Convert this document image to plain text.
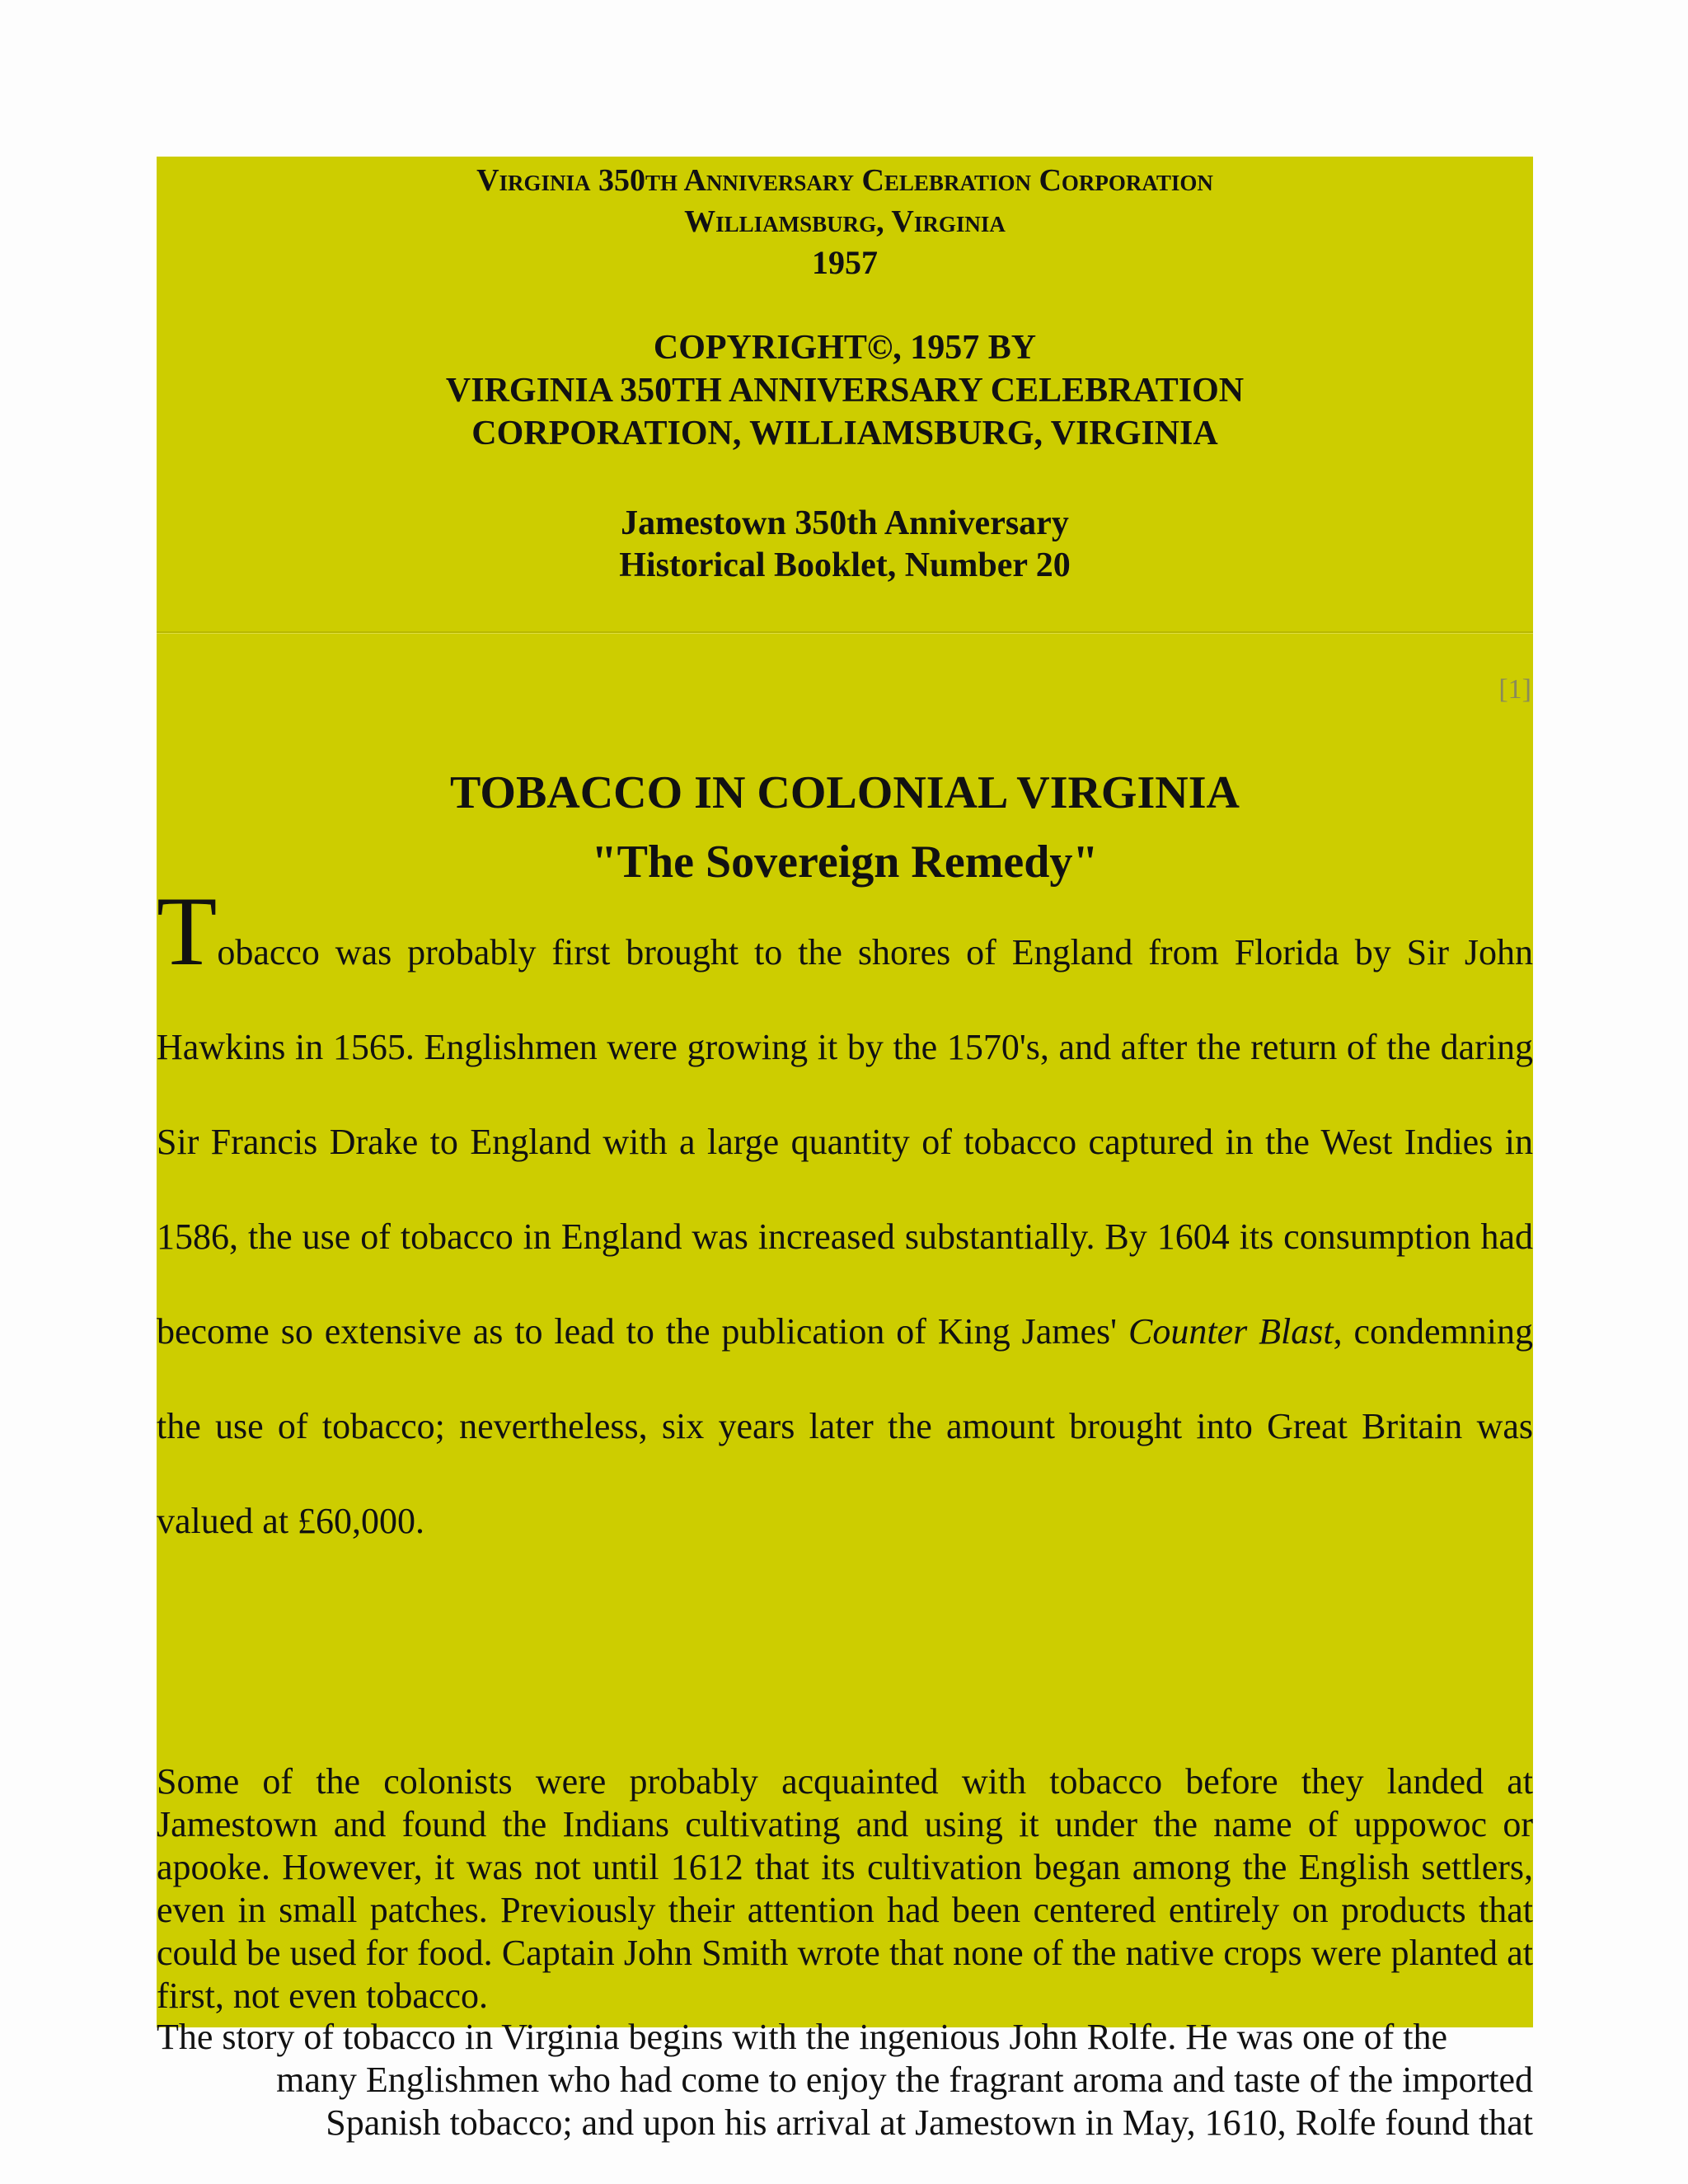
Virginia 350th Anniversary Celebration Corporation

Williamsburg, Virginia

1957

COPYRIGHT©, 1957 BY
VIRGINIA 350TH ANNIVERSARY CELEBRATION
CORPORATION, WILLIAMSBURG, VIRGINIA
Jamestown 350th Anniversary
Historical Booklet, Number 20
[1]
TOBACCO IN COLONIAL VIRGINIA
"The Sovereign Remedy"

Tobacco was probably first brought to the shores of England from Florida by Sir John Hawkins in 1565. Englishmen were growing it by the 1570's, and after the return of the daring Sir Francis Drake to England with a large quantity of tobacco captured in the West Indies in 1586, the use of tobacco in England was increased substantially. By 1604 its consumption had become so extensive as to lead to the publication of King James' Counter Blast, condemning the use of tobacco; nevertheless, six years later the amount brought into Great Britain was valued at £60,000.

Some of the colonists were probably acquainted with tobacco before they landed at Jamestown and found the Indians cultivating and using it under the name of uppowoc or apooke. However, it was not until 1612 that its cultivation began among the English settlers, even in small patches. Previously their attention had been centered entirely on products that could be used for food. Captain John Smith wrote that none of the native crops were planted at first, not even tobacco.

The story of tobacco in Virginia begins with the ingenious John Rolfe. He was one of the
many Englishmen who had come to enjoy the fragrant aroma and taste of the imported
Spanish tobacco; and upon his arrival at Jamestown in May, 1610, Rolfe found that
